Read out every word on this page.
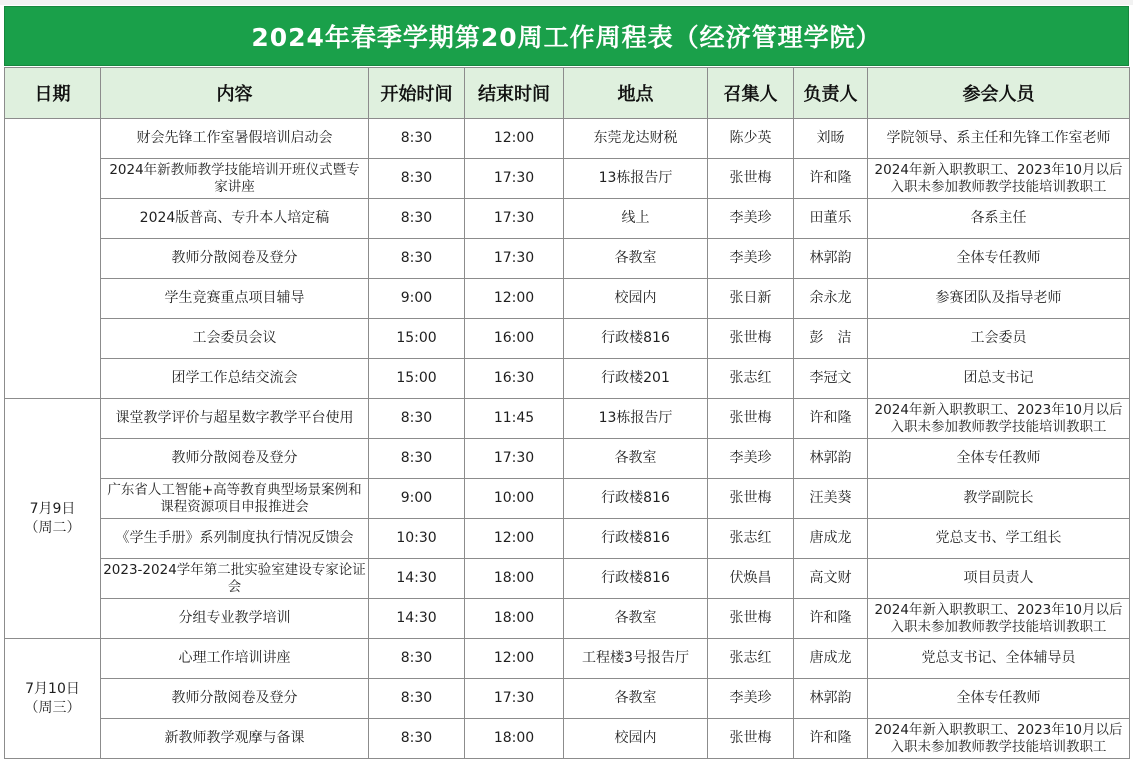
2024年春季学期第20周工作周程表（经济管理学院）
日期	内容	开始时间	结束时间	地点	召集人	负责人	参会人员

	财会先锋工作室暑假培训启动会	8:30	12:00	东莞龙达财税	陈少英	刘旸	学院领导、系主任和先锋工作室老师
	2024年新教师教学技能培训开班仪式暨专家讲座	8:30	17:30	13栋报告厅	张世梅	许和隆	2024年新入职教职工、2023年10月以后入职未参加教师教学技能培训教职工
	2024版普高、专升本人培定稿	8:30	17:30	线上	李美珍	田董乐	各系主任
	教师分散阅卷及登分	8:30	17:30	各教室	李美珍	林郭韵	全体专任教师
	学生竞赛重点项目辅导	9:00	12:00	校园内	张日新	余永龙	参赛团队及指导老师
	工会委员会议	15:00	16:00	行政楼816	张世梅	彭　洁	工会委员
	团学工作总结交流会	15:00	16:30	行政楼201	张志红	李冠文	团总支书记

7月9日
（周二）	课堂教学评价与超星数字教学平台使用	8:30	11:45	13栋报告厅	张世梅	许和隆	2024年新入职教职工、2023年10月以后入职未参加教师教学技能培训教职工
	教师分散阅卷及登分	8:30	17:30	各教室	李美珍	林郭韵	全体专任教师
	广东省人工智能+高等教育典型场景案例和课程资源项目申报推进会	9:00	10:00	行政楼816	张世梅	汪美葵	教学副院长
	《学生手册》系列制度执行情况反馈会	10:30	12:00	行政楼816	张志红	唐成龙	党总支书、学工组长
	2023-2024学年第二批实验室建设专家论证会	14:30	18:00	行政楼816	伏焕昌	高文财	项目员责人
	分组专业教学培训	14:30	18:00	各教室	张世梅	许和隆	2024年新入职教职工、2023年10月以后入职未参加教师教学技能培训教职工

7月10日
（周三）	心理工作培训讲座	8:30	12:00	工程楼3号报告厅	张志红	唐成龙	党总支书记、全体辅导员
	教师分散阅卷及登分	8:30	17:30	各教室	李美珍	林郭韵	全体专任教师
	新教师教学观摩与备课	8:30	18:00	校园内	张世梅	许和隆	2024年新入职教职工、2023年10月以后入职未参加教师教学技能培训教职工
